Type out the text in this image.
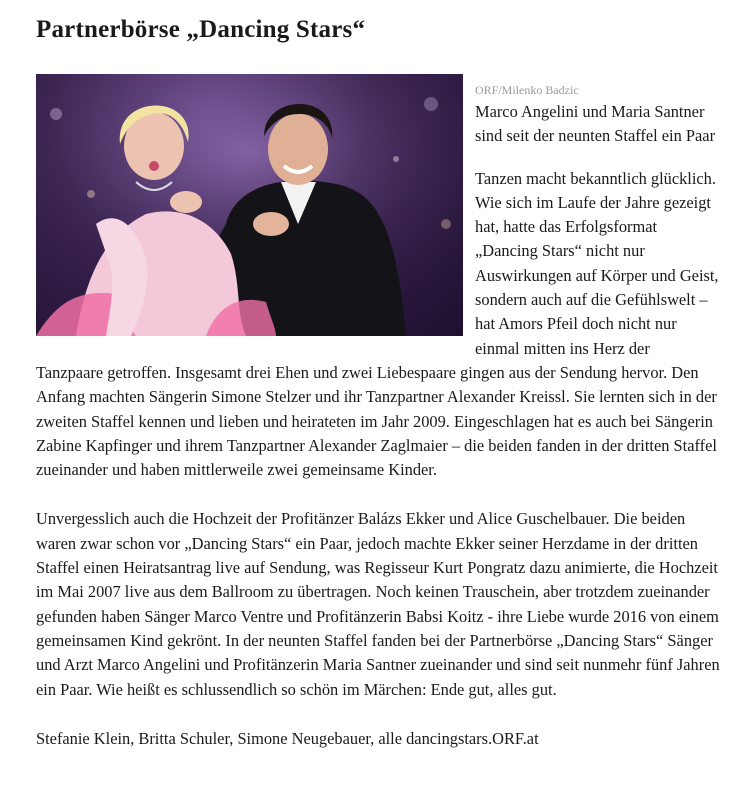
Partnerbörse „Dancing Stars“
ORF/Milenko Badzic

Marco Angelini und Maria Santner sind seit der neunten Staffel ein Paar

Tanzen macht bekanntlich glücklich. Wie sich im Laufe der Jahre gezeigt hat, hatte das Erfolgsformat „Dancing Stars“ nicht nur Auswirkungen auf Körper und Geist, sondern auch auf die Gefühlswelt – hat Amors Pfeil doch nicht nur einmal mitten ins Herz der Tanzpaare getroffen. Insgesamt drei Ehen und zwei Liebespaare gingen aus der Sendung hervor. Den Anfang machten Sängerin Simone Stelzer und ihr Tanzpartner Alexander Kreissl. Sie lernten sich in der zweiten Staffel kennen und lieben und heirateten im Jahr 2009. Eingeschlagen hat es auch bei Sängerin Zabine Kapfinger und ihrem Tanzpartner Alexander Zaglmaier – die beiden fanden in der dritten Staffel zueinander und haben mittlerweile zwei gemeinsame Kinder.

Unvergesslich auch die Hochzeit der Profitänzer Balázs Ekker und Alice Guschelbauer. Die beiden waren zwar schon vor „Dancing Stars“ ein Paar, jedoch machte Ekker seiner Herzdame in der dritten Staffel einen Heiratsantrag live auf Sendung, was Regisseur Kurt Pongratz dazu animierte, die Hochzeit im Mai 2007 live aus dem Ballroom zu übertragen. Noch keinen Trauschein, aber trotzdem zueinander gefunden haben Sänger Marco Ventre und Profitänzerin Babsi Koitz - ihre Liebe wurde 2016 von einem gemeinsamen Kind gekrönt. In der neunten Staffel fanden bei der Partnerbörse „Dancing Stars“ Sänger und Arzt Marco Angelini und Profitänzerin Maria Santner zueinander und sind seit nunmehr fünf Jahren ein Paar. Wie heißt es schlussendlich so schön im Märchen: Ende gut, alles gut.

Stefanie Klein, Britta Schuler, Simone Neugebauer, alle dancingstars.ORF.at
